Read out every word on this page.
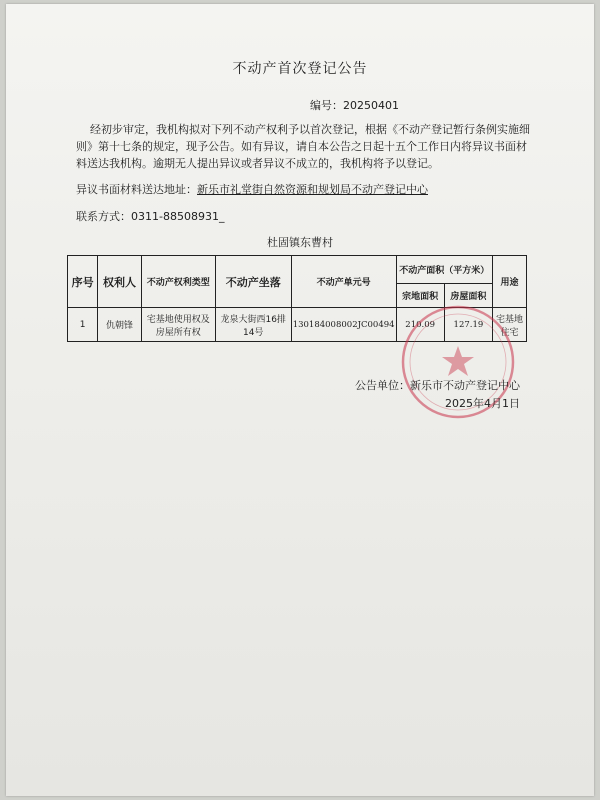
不动产首次登记公告
编号：20250401
经初步审定，我机构拟对下列不动产权利予以首次登记，根据《不动产登记暂行条例实施细则》第十七条的规定，现予公告。如有异议，请自本公告之日起十五个工作日内将异议书面材料送达我机构。逾期无人提出异议或者异议不成立的，我机构将予以登记。
异议书面材料送达地址：新乐市礼堂街自然资源和规划局不动产登记中心
联系方式：0311-88508931_
杜固镇东曹村
序号	权利人	不动产权利类型	不动产坐落	不动产单元号	不动产面积（平方米）		用途
					宗地面积	房屋面积	
1	仇朝锋	宅基地使用权及房屋所有权	龙泉大街西16排14号	130184008002JC00494	210.09	127.19	宅基地住宅
公告单位：新乐市不动产登记中心
2025年4月1日
